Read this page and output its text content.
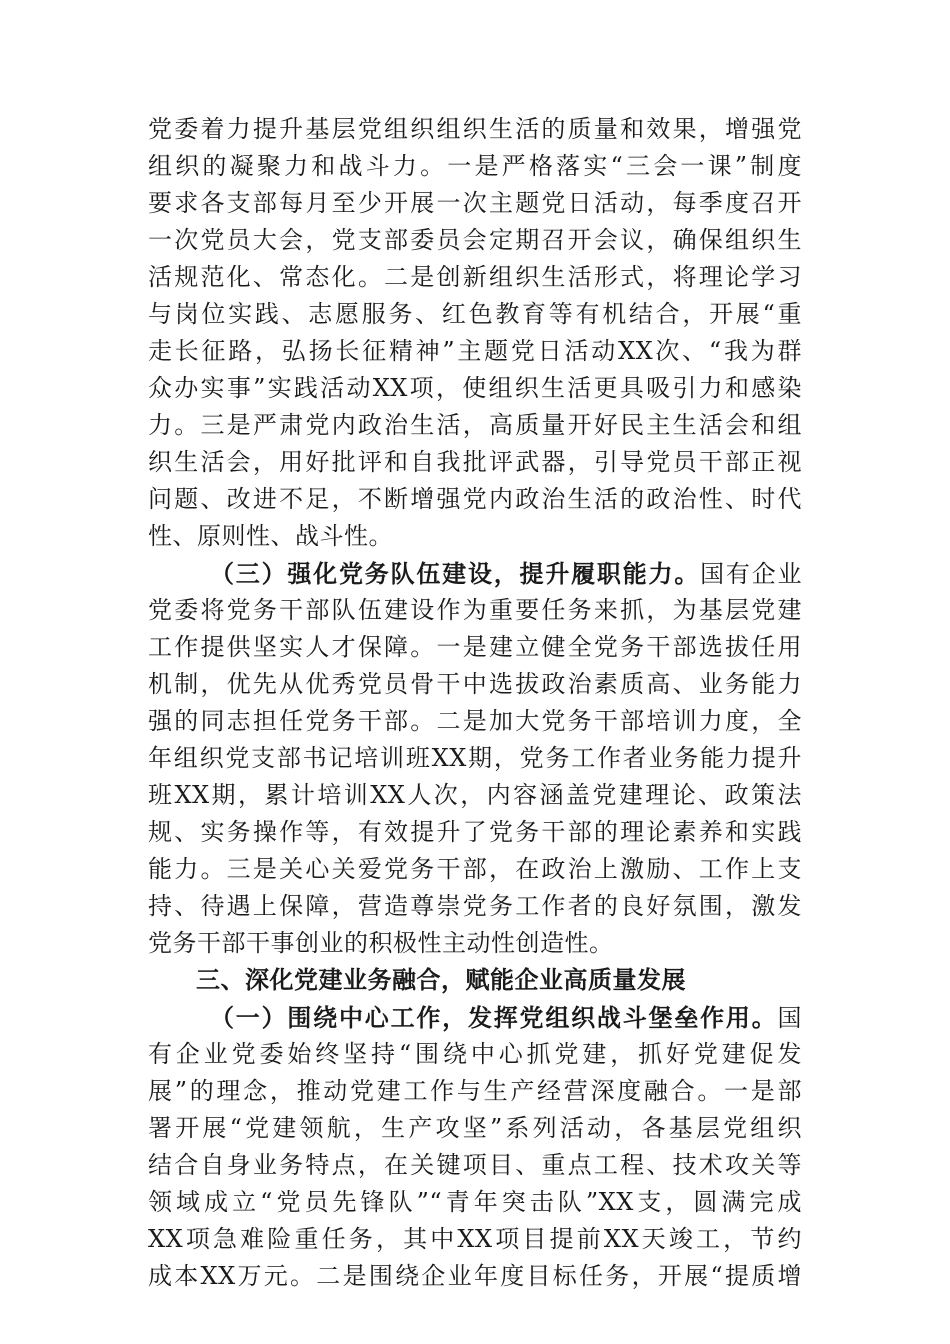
党委着力提升基层党组织组织生活的质量和效果，增强党
组织的凝聚力和战斗力。一是严格落实“三会一课”制度
要求各支部每月至少开展一次主题党日活动，每季度召开
一次党员大会，党支部委员会定期召开会议，确保组织生
活规范化、常态化。二是创新组织生活形式，将理论学习
与岗位实践、志愿服务、红色教育等有机结合，开展“重
走长征路，弘扬长征精神”主题党日活动XX次、“我为群
众办实事”实践活动XX项，使组织生活更具吸引力和感染
力。三是严肃党内政治生活，高质量开好民主生活会和组
织生活会，用好批评和自我批评武器，引导党员干部正视
问题、改进不足，不断增强党内政治生活的政治性、时代
性、原则性、战斗性。
（三）强化党务队伍建设，提升履职能力。国有企业
党委将党务干部队伍建设作为重要任务来抓，为基层党建
工作提供坚实人才保障。一是建立健全党务干部选拔任用
机制，优先从优秀党员骨干中选拔政治素质高、业务能力
强的同志担任党务干部。二是加大党务干部培训力度，全
年组织党支部书记培训班XX期，党务工作者业务能力提升
班XX期，累计培训XX人次，内容涵盖党建理论、政策法
规、实务操作等，有效提升了党务干部的理论素养和实践
能力。三是关心关爱党务干部，在政治上激励、工作上支
持、待遇上保障，营造尊崇党务工作者的良好氛围，激发
党务干部干事创业的积极性主动性创造性。
三、深化党建业务融合，赋能企业高质量发展
（一）围绕中心工作，发挥党组织战斗堡垒作用。国
有企业党委始终坚持“围绕中心抓党建，抓好党建促发
展”的理念，推动党建工作与生产经营深度融合。一是部
署开展“党建领航，生产攻坚”系列活动，各基层党组织
结合自身业务特点，在关键项目、重点工程、技术攻关等
领域成立“党员先锋队”“青年突击队”XX支，圆满完成
XX项急难险重任务，其中XX项目提前XX天竣工，节约
成本XX万元。二是围绕企业年度目标任务，开展“提质增
